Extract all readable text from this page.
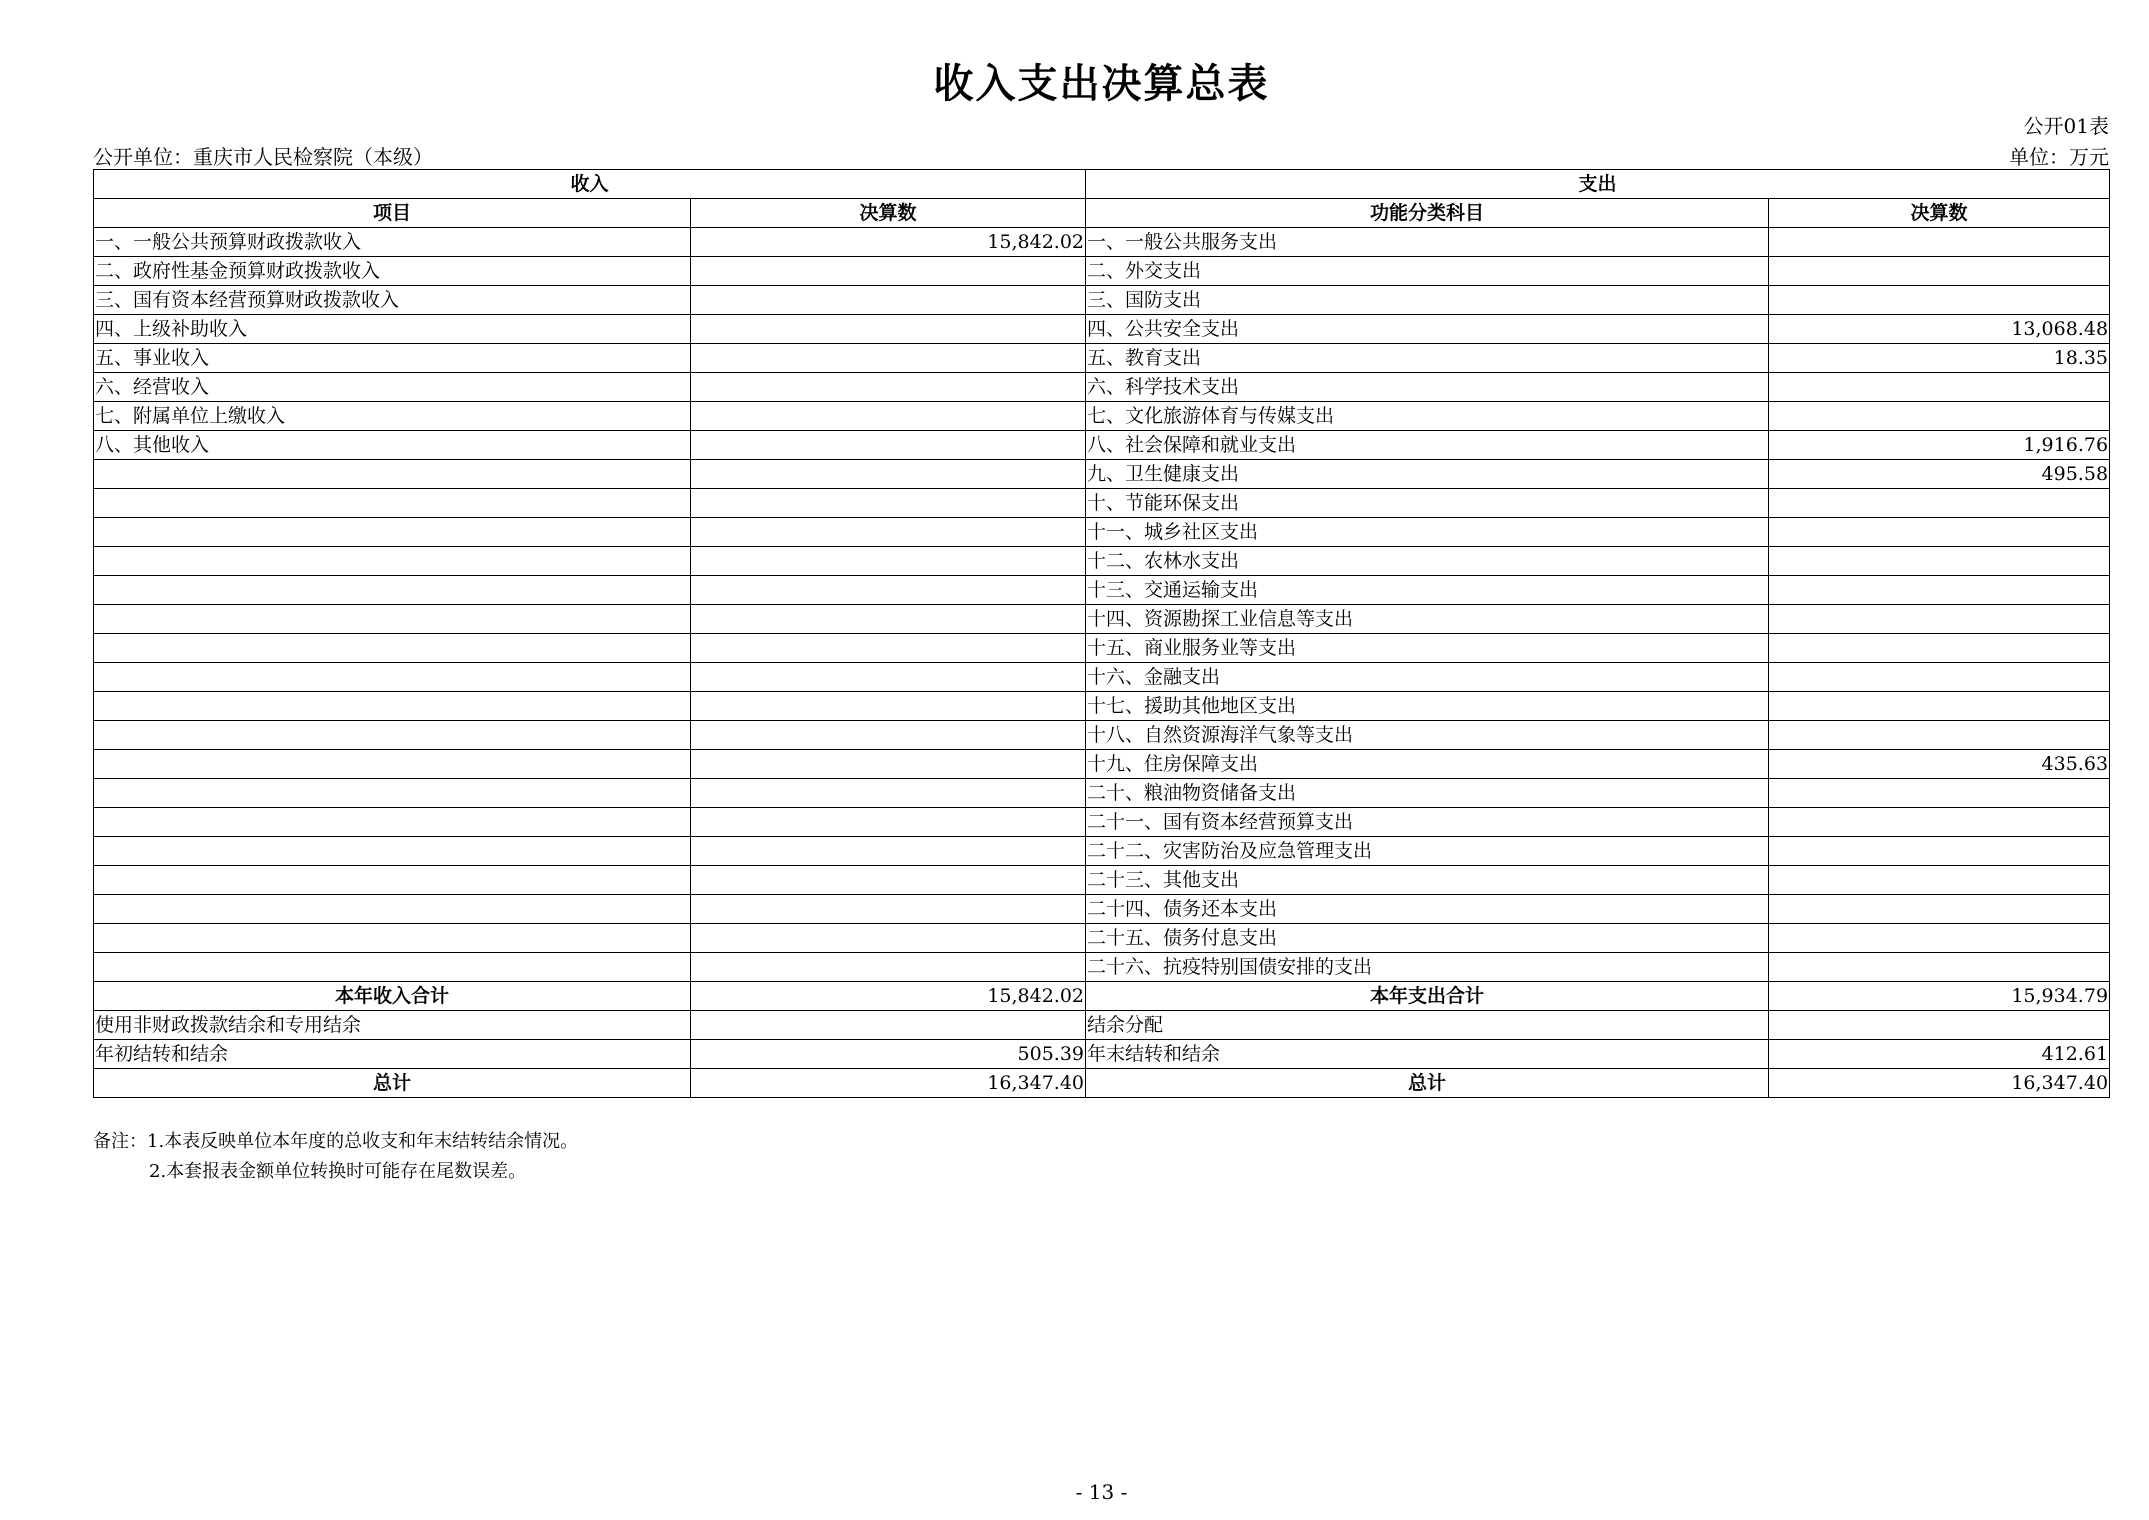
收入支出决算总表
公开01表
公开单位：重庆市人民检察院（本级）	单位：万元
收入		支出	
项目	决算数	功能分类科目	决算数
一、一般公共预算财政拨款收入	15,842.02	一、一般公共服务支出	
二、政府性基金预算财政拨款收入		二、外交支出	
三、国有资本经营预算财政拨款收入		三、国防支出	
四、上级补助收入		四、公共安全支出	13,068.48
五、事业收入		五、教育支出	18.35
六、经营收入		六、科学技术支出	
七、附属单位上缴收入		七、文化旅游体育与传媒支出	
八、其他收入		八、社会保障和就业支出	1,916.76
		九、卫生健康支出	495.58
		十、节能环保支出	
		十一、城乡社区支出	
		十二、农林水支出	
		十三、交通运输支出	
		十四、资源勘探工业信息等支出	
		十五、商业服务业等支出	
		十六、金融支出	
		十七、援助其他地区支出	
		十八、自然资源海洋气象等支出	
		十九、住房保障支出	435.63
		二十、粮油物资储备支出	
		二十一、国有资本经营预算支出	
		二十二、灾害防治及应急管理支出	
		二十三、其他支出	
		二十四、债务还本支出	
		二十五、债务付息支出	
		二十六、抗疫特别国债安排的支出	
本年收入合计	15,842.02	本年支出合计	15,934.79
使用非财政拨款结余和专用结余		结余分配	
年初结转和结余	505.39	年末结转和结余	412.61
总计	16,347.40	总计	16,347.40
备注：1.本表反映单位本年度的总收支和年末结转结余情况。
2.本套报表金额单位转换时可能存在尾数误差。
- 13 -
